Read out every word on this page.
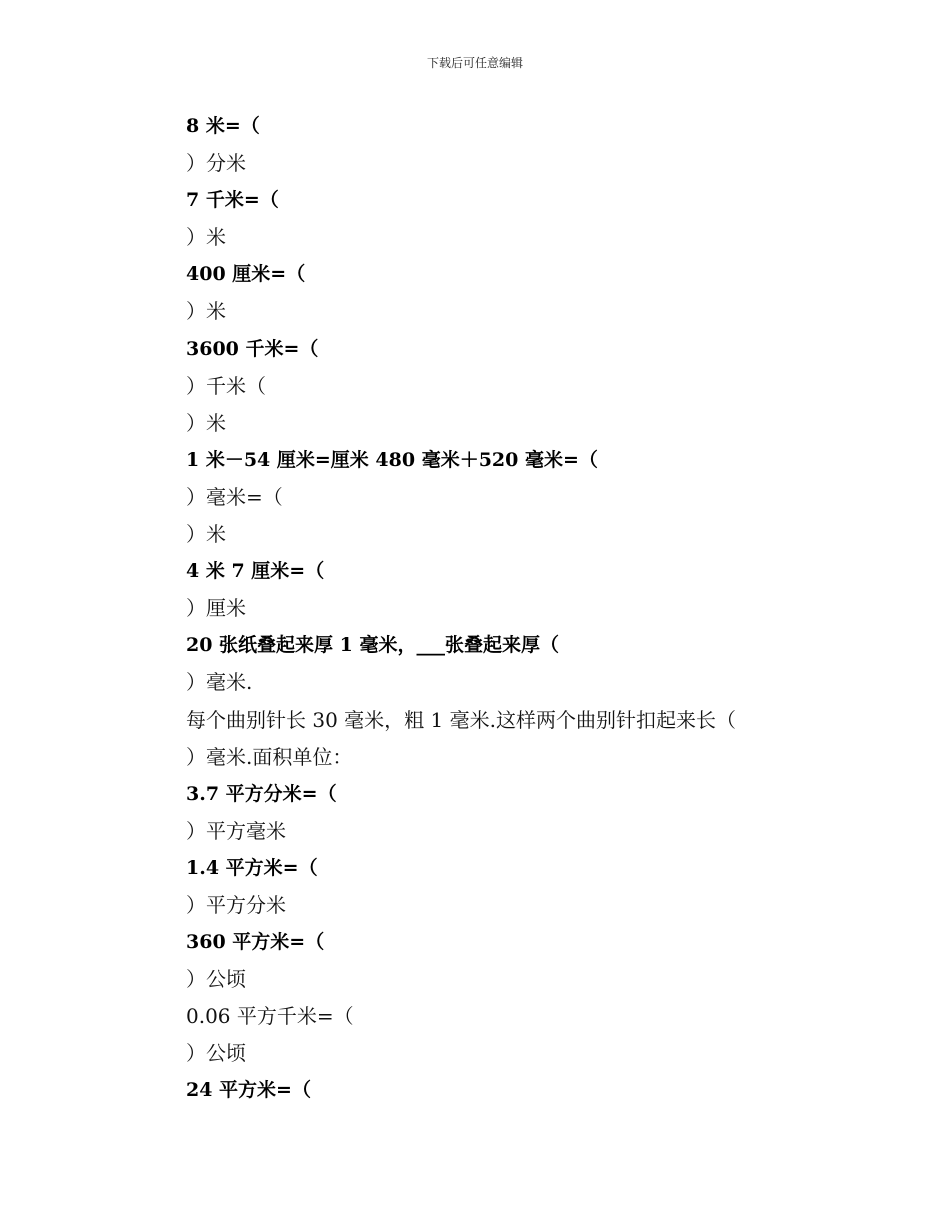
下载后可任意编辑
8 米=（
）分米
7 千米=（
）米
400 厘米=（
）米
3600 千米=（
）千米（
）米
1 米－54 厘米=厘米 480 毫米＋520 毫米=（
）毫米=（
）米
4 米 7 厘米=（
）厘米
20 张纸叠起来厚 1 毫米，___张叠起来厚（
）毫米.
每个曲别针长 30 毫米，粗 1 毫米.这样两个曲别针扣起来长（
）毫米.面积单位：
3.7 平方分米=（
）平方毫米
1.4 平方米=（
）平方分米
360 平方米=（
）公顷
0.06 平方千米=（
）公顷
24 平方米=（
